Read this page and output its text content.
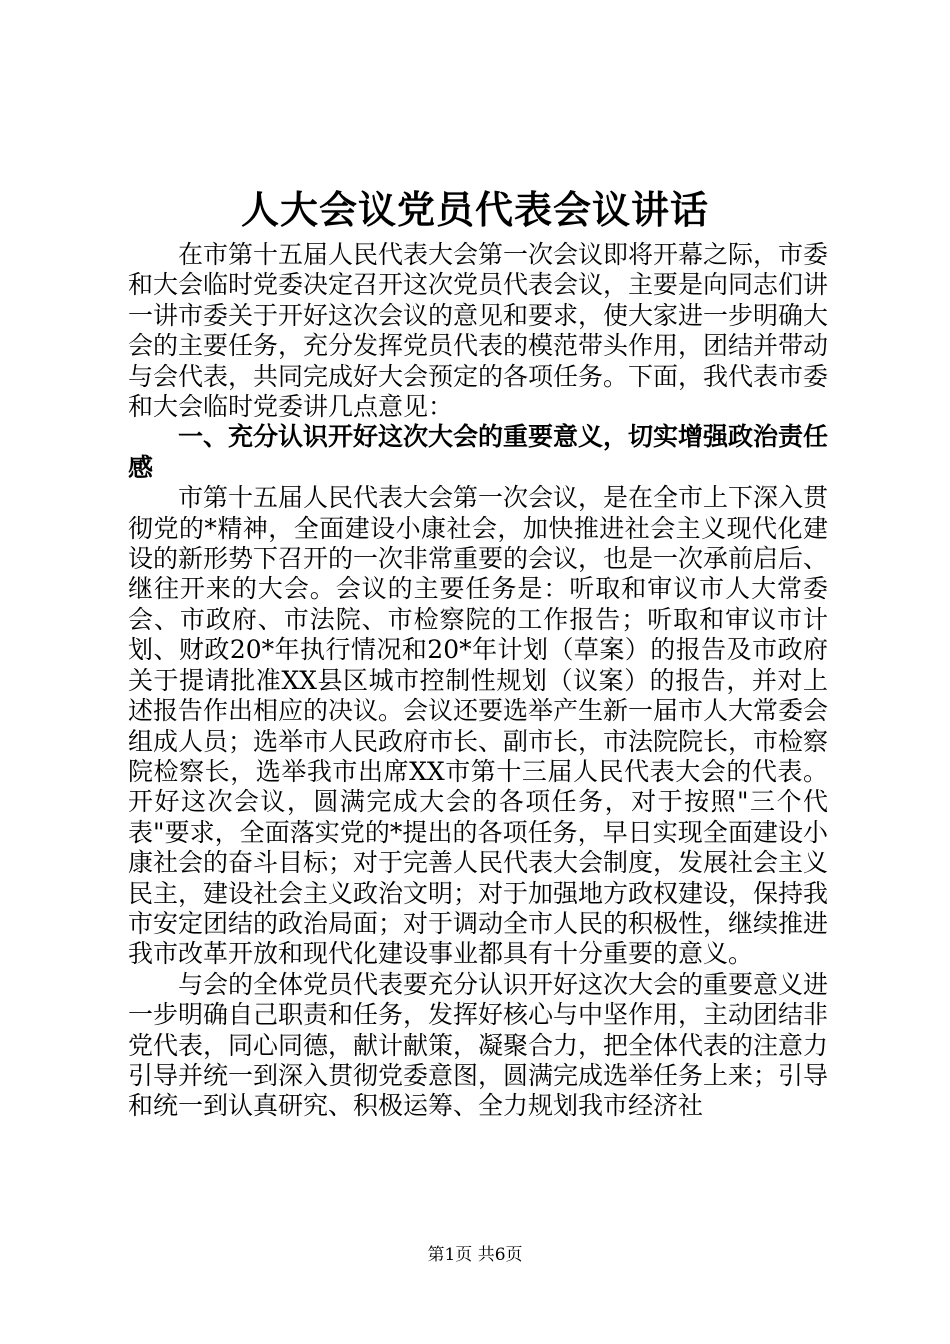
人大会议党员代表会议讲话

在市第十五届人民代表大会第一次会议即将开幕之际，市委和大会临时党委决定召开这次党员代表会议，主要是向同志们讲一讲市委关于开好这次会议的意见和要求，使大家进一步明确大会的主要任务，充分发挥党员代表的模范带头作用，团结并带动与会代表，共同完成好大会预定的各项任务。下面，我代表市委和大会临时党委讲几点意见：

一、充分认识开好这次大会的重要意义，切实增强政治责任感

市第十五届人民代表大会第一次会议，是在全市上下深入贯彻党的*精神，全面建设小康社会，加快推进社会主义现代化建设的新形势下召开的一次非常重要的会议，也是一次承前启后、继往开来的大会。会议的主要任务是：听取和审议市人大常委会、市政府、市法院、市检察院的工作报告；听取和审议市计划、财政20*年执行情况和20*年计划（草案）的报告及市政府关于提请批准XX县区城市控制性规划（议案）的报告，并对上述报告作出相应的决议。会议还要选举产生新一届市人大常委会组成人员；选举市人民政府市长、副市长，市法院院长，市检察院检察长，选举我市出席XX市第十三届人民代表大会的代表。开好这次会议，圆满完成大会的各项任务，对于按照"三个代表"要求，全面落实党的*提出的各项任务，早日实现全面建设小康社会的奋斗目标；对于完善人民代表大会制度，发展社会主义民主，建设社会主义政治文明；对于加强地方政权建设，保持我市安定团结的政治局面；对于调动全市人民的积极性，继续推进我市改革开放和现代化建设事业都具有十分重要的意义。

与会的全体党员代表要充分认识开好这次大会的重要意义进一步明确自己职责和任务，发挥好核心与中坚作用，主动团结非党代表，同心同德，献计献策，凝聚合力，把全体代表的注意力引导并统一到深入贯彻党委意图，圆满完成选举任务上来；引导和统一到认真研究、积极运筹、全力规划我市经济社

第1页 共6页
